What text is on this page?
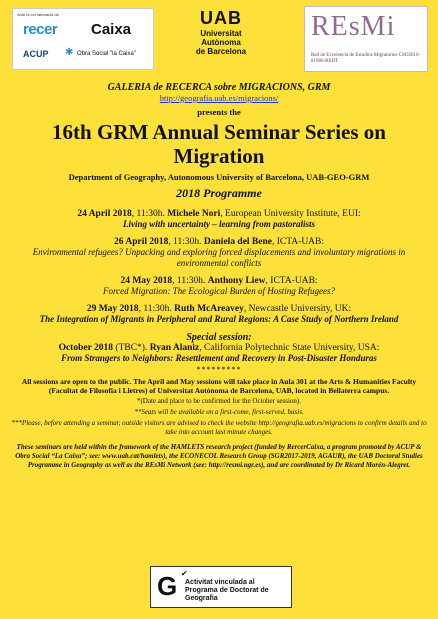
Amb la col·laboració de
recer Caixa
ACUP ✱ Obra Social "la Caixa"
UAB
Universitat
Autònoma
de Barcelona
REsMi
Red de Excelencia de Estudios Migratorios CSO2016-81986-REDT

GALERIA de RECERCA sobre MIGRACIONS, GRM

http://geografia.uab.es/migracions/

presents the

16th GRM Annual Seminar Series on Migration

Department of Geography, Autonomous University of Barcelona, UAB-GEO-GRM

2018 Programme

24 April 2018, 11:30h. Michele Nori, European University Institute, EUI:

Living with uncertainty – learning from pastoralists

26 April 2018, 11:30h. Daniela del Bene, ICTA-UAB:

Environmental refugees? Unpacking and exploring forced displacements and involuntary migrations in environmental conflicts

24 May 2018, 11:30h. Anthony Liew, ICTA-UAB:

Forced Migration: The Ecological Burden of Hosting Refugees?

29 May 2018, 11:30h. Ruth McAreavey, Newcastle University, UK:

The Integration of Migrants in Peripheral and Rural Regions: A Case Study of Northern Ireland

Special session:

October 2018 (TBC*). Ryan Alaniz, California Polytechnic State University, USA:

From Strangers to Neighbors: Resettlement and Recovery in Post-Disaster Honduras

*********

All sessions are open to the public. The April and May sessions will take place in Aula 301 at the Arts & Humanities Faculty (Facultat de Filosofia i Lletres) of Universitat Autònoma de Barcelona, UAB, located in Bellaterra campus.

*(Date and place to be confirmed for the October session).

**Seats will be available on a first-come, first-served, basis.

***Please, before attending a seminar, outside visitors are advised to check the website http://geografia.uab.es/migracions to confirm details and to take into account last minute changes.

These seminars are held within the framework of the HAMLETS research project (funded by RercerCaixa, a program promoted by ACUP & Obra Social “La Caixa”; see: www.uab.cat/hamlets), the ECONECOL Research Group (SGR2017-2019, AGAUR), the UAB Doctoral Studies Programme in Geography as well as the REsMi Network (see: http://resmi.ugr.es), and are coordinated by Dr Ricard Morén-Alegret.

G ✔
Activitat vinculada al Programa de Doctorat de Geografia
